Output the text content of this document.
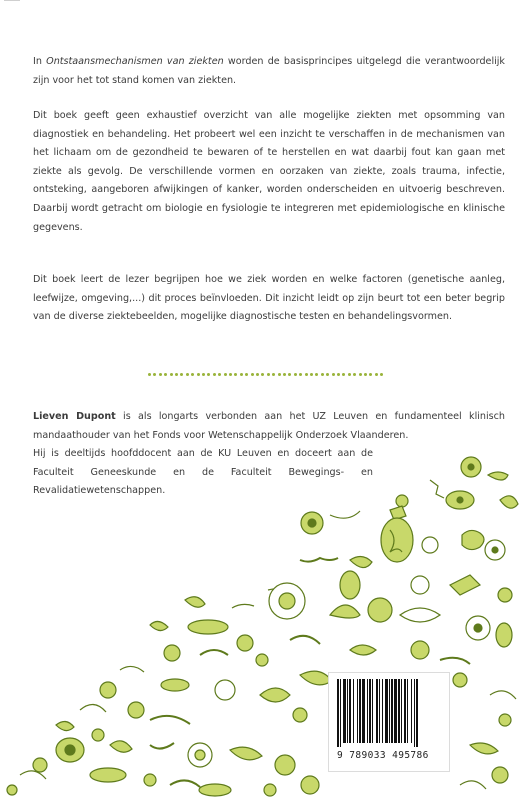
In Ontstaansmechanismen van ziekten worden de basisprincipes uitgelegd die verantwoordelijk zijn voor het tot stand komen van ziekten.

Dit boek geeft geen exhaustief overzicht van alle mogelijke ziekten met opsomming van diagnostiek en behandeling. Het probeert wel een inzicht te verschaffen in de mechanismen van het lichaam om de gezondheid te bewaren of te herstellen en wat daarbij fout kan gaan met ziekte als gevolg. De verschillende vormen en oorzaken van ziekte, zoals trauma, infectie, ontsteking, aangeboren afwijkingen of kanker, worden onderscheiden en uitvoerig beschreven. Daarbij wordt getracht om biologie en fysiologie te integreren met epidemiologische en klinische gegevens.

Dit boek leert de lezer begrijpen hoe we ziek worden en welke factoren (genetische aanleg, leefwijze, omgeving,...) dit proces beïnvloeden. Dit inzicht leidt op zijn beurt tot een beter begrip van de diverse ziektebeelden, mogelijke diagnostische testen en behandelingsvormen.

Lieven Dupont is als longarts verbonden aan het UZ Leuven en fundamenteel klinisch mandaathouder van het Fonds voor Wetenschappelijk Onderzoek Vlaanderen.

Hij is deeltijds hoofddocent aan de KU Leuven en doceert aan de Faculteit Geneeskunde en de Faculteit Bewegings- en Revalidatiewetenschappen.

9 789033 495786
